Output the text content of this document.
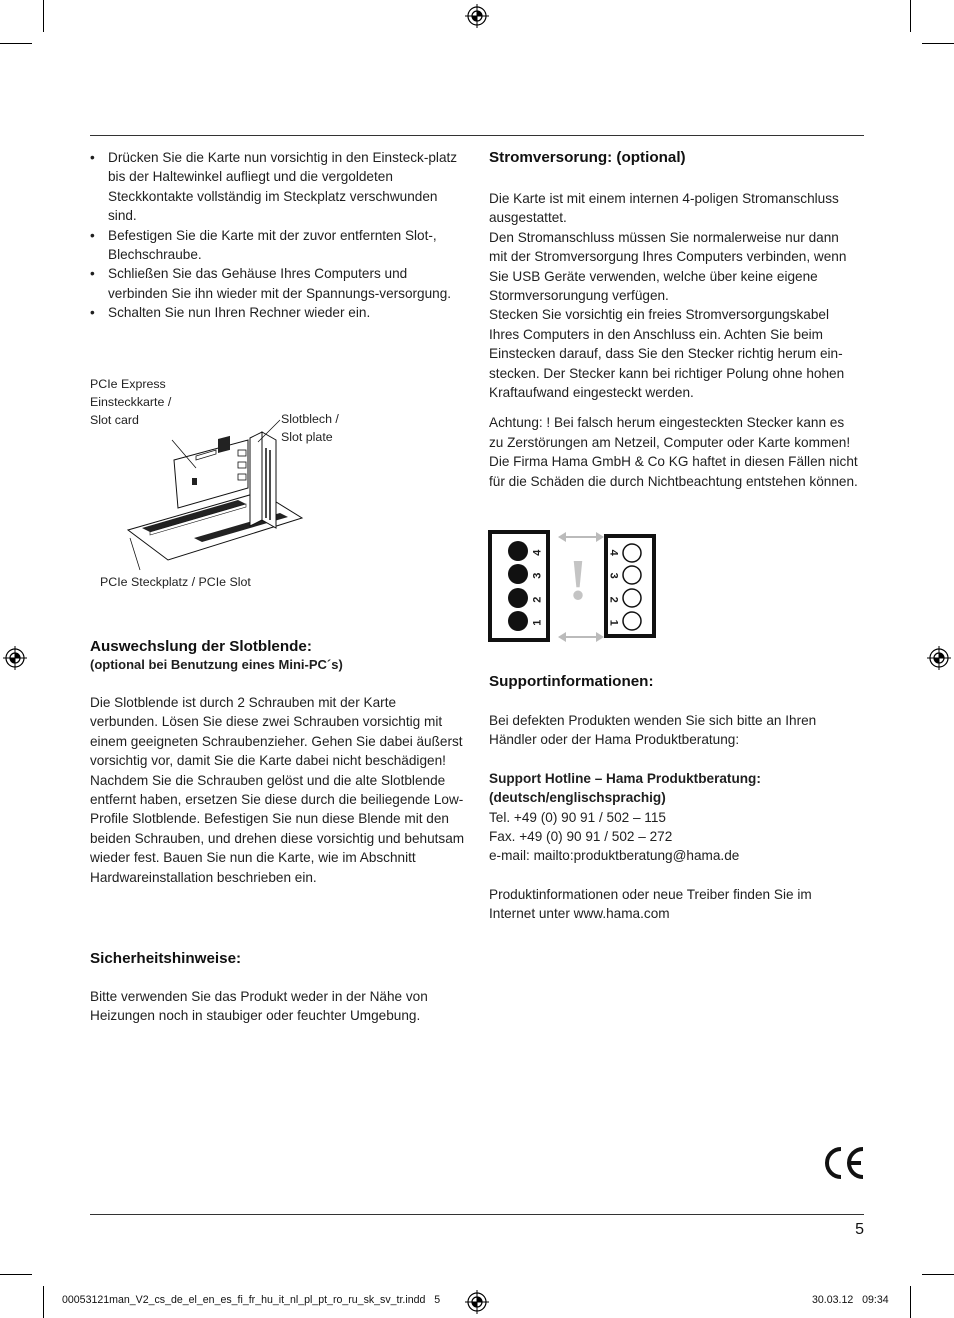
• Drücken Sie die Karte nun vorsichtig in den Einsteck-platz bis der Haltewinkel aufliegt und die vergoldeten Steckkontakte vollständig im Steckplatz verschwunden sind.
• Befestigen Sie die Karte mit der zuvor entfernten Slot-, Blechschraube.
• Schließen Sie das Gehäuse Ihres Computers und verbinden Sie ihn wieder mit der Spannungs-versorgung.
• Schalten Sie nun Ihren Rechner wieder ein.
PCIe Express
Einsteckkarte /
Slot card	Slotblech /
Slot plate
PCIe Steckplatz / PCIe Slot
Auswechslung der Slotblende:
(optional bei Benutzung eines Mini-PC´s)

Die Slotblende ist durch 2 Schrauben mit der Karte verbunden. Lösen Sie diese zwei Schrauben vorsichtig mit einem geeigneten Schraubenzieher. Gehen Sie dabei äußerst vorsichtig vor, damit Sie die Karte dabei nicht beschädigen!

Nachdem Sie die Schrauben gelöst und die alte Slotblende entfernt haben, ersetzen Sie diese durch die beiliegende Low-Profile Slotblende. Befestigen Sie nun diese Blende mit den beiden Schrauben, und drehen diese vorsichtig und behutsam wieder fest. Bauen Sie nun die Karte, wie im Abschnitt Hardwareinstallation beschrieben ein.

Sicherheitshinweise:

Bitte verwenden Sie das Produkt weder in der Nähe von Heizungen noch in staubiger oder feuchter Umgebung.

Stromversorung: (optional)

Die Karte ist mit einem internen 4-poligen Stromanschluss ausgestattet.

Den Stromanschluss müssen Sie normalerweise nur dann mit der Stromversorgung Ihres Computers verbinden, wenn Sie USB Geräte verwenden, welche über keine eigene Stormversorungung verfügen.

Stecken Sie vorsichtig ein freies Stromversorgungskabel Ihres Computers in den Anschluss ein. Achten Sie beim Einstecken darauf, dass Sie den Stecker richtig herum ein-stecken. Der Stecker kann bei richtiger Polung ohne hohen Kraftaufwand eingesteckt werden.

Achtung: ! Bei falsch herum eingesteckten Stecker kann es zu Zerstörungen am Netzeil, Computer oder Karte kommen! Die Firma Hama GmbH & Co KG haftet in diesen Fällen nicht für die Schäden die durch Nichtbeachtung entstehen können.

4
3
2
1
4
3
2
1
!
Supportinformationen:

Bei defekten Produkten wenden Sie sich bitte an Ihren Händler oder der Hama Produktberatung:

Support Hotline – Hama Produktberatung:
(deutsch/englischsprachig)
Tel. +49 (0) 90 91 / 502 – 115
Fax. +49 (0) 90 91 / 502 – 272
e-mail: mailto:produktberatung@hama.de

Produktinformationen oder neue Treiber finden Sie im Internet unter www.hama.com

5
00053121man_V2_cs_de_el_en_es_fi_fr_hu_it_nl_pl_pt_ro_ru_sk_sv_tr.indd 5	30.03.12 09:34
